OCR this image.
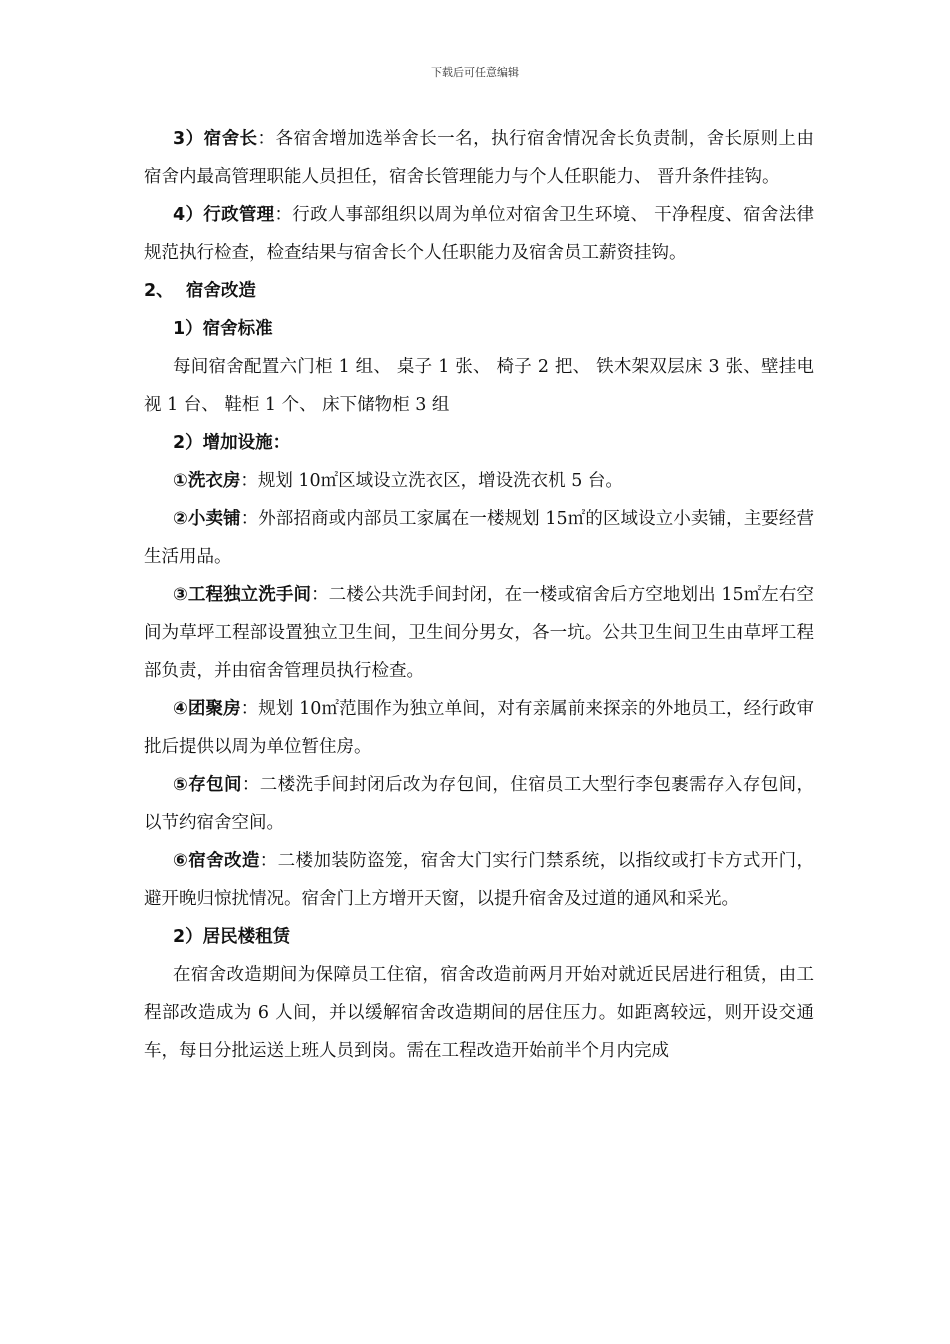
下载后可任意编辑

3）宿舍长：各宿舍增加选举舍长一名，执行宿舍情况舍长负责制，舍长原则上由宿舍内最高管理职能人员担任，宿舍长管理能力与个人任职能力、 晋升条件挂钩。

4）行政管理：行政人事部组织以周为单位对宿舍卫生环境、 干净程度、宿舍法律规范执行检查，检查结果与宿舍长个人任职能力及宿舍员工薪资挂钩。

2、  宿舍改造

1）宿舍标准

每间宿舍配置六门柜 1 组、 桌子 1 张、 椅子 2 把、 铁木架双层床 3 张、壁挂电视 1 台、 鞋柜 1 个、 床下储物柜 3 组

2）增加设施：

①洗衣房：规划 10㎡区域设立洗衣区，增设洗衣机 5 台。

②小卖铺：外部招商或内部员工家属在一楼规划 15㎡的区域设立小卖铺，主要经营生活用品。

③工程独立洗手间：二楼公共洗手间封闭，在一楼或宿舍后方空地划出 15㎡左右空间为草坪工程部设置独立卫生间，卫生间分男女，各一坑。公共卫生间卫生由草坪工程部负责，并由宿舍管理员执行检查。

④团聚房：规划 10㎡范围作为独立单间，对有亲属前来探亲的外地员工，经行政审批后提供以周为单位暂住房。

⑤存包间：二楼洗手间封闭后改为存包间，住宿员工大型行李包裹需存入存包间，以节约宿舍空间。

⑥宿舍改造：二楼加装防盗笼，宿舍大门实行门禁系统，以指纹或打卡方式开门，避开晚归惊扰情况。宿舍门上方增开天窗，以提升宿舍及过道的通风和采光。

2）居民楼租赁

在宿舍改造期间为保障员工住宿，宿舍改造前两月开始对就近民居进行租赁，由工程部改造成为 6 人间，并以缓解宿舍改造期间的居住压力。如距离较远，则开设交通车，每日分批运送上班人员到岗。需在工程改造开始前半个月内完成
